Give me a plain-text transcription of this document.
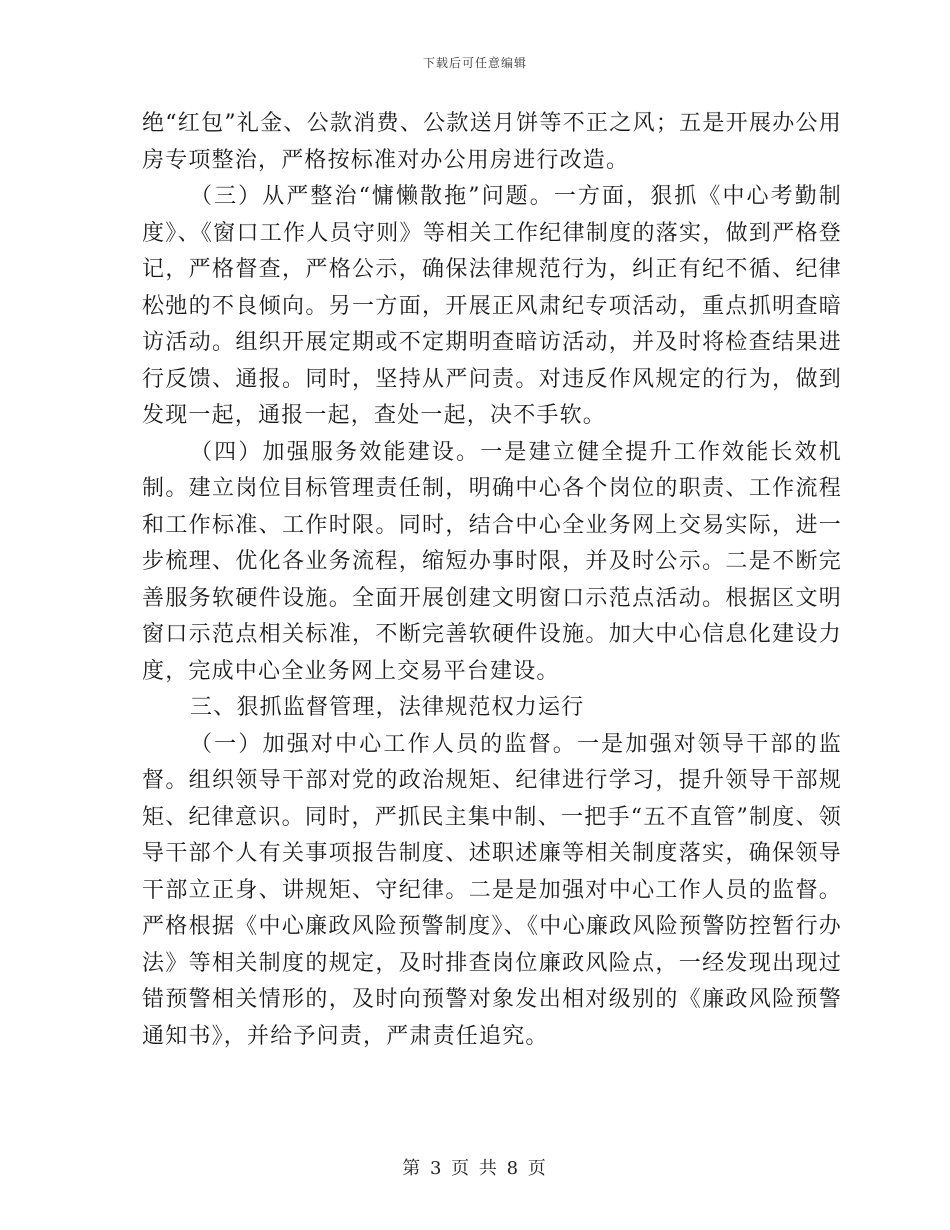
下载后可任意编辑

绝“红包”礼金、公款消费、公款送月饼等不正之风；五是开展办公用房专项整治，严格按标准对办公用房进行改造。

（三）从严整治“慵懒散拖”问题。一方面，狠抓《中心考勤制度》、《窗口工作人员守则》等相关工作纪律制度的落实，做到严格登记，严格督查，严格公示，确保法律规范行为，纠正有纪不循、纪律松弛的不良倾向。另一方面，开展正风肃纪专项活动，重点抓明查暗访活动。组织开展定期或不定期明查暗访活动，并及时将检查结果进行反馈、通报。同时，坚持从严问责。对违反作风规定的行为，做到发现一起，通报一起，查处一起，决不手软。

（四）加强服务效能建设。一是建立健全提升工作效能长效机制。建立岗位目标管理责任制，明确中心各个岗位的职责、工作流程和工作标准、工作时限。同时，结合中心全业务网上交易实际，进一步梳理、优化各业务流程，缩短办事时限，并及时公示。二是不断完善服务软硬件设施。全面开展创建文明窗口示范点活动。根据区文明窗口示范点相关标准，不断完善软硬件设施。加大中心信息化建设力度，完成中心全业务网上交易平台建设。

三、狠抓监督管理，法律规范权力运行

（一）加强对中心工作人员的监督。一是加强对领导干部的监督。组织领导干部对党的政治规矩、纪律进行学习，提升领导干部规矩、纪律意识。同时，严抓民主集中制、一把手“五不直管”制度、领导干部个人有关事项报告制度、述职述廉等相关制度落实，确保领导干部立正身、讲规矩、守纪律。二是是加强对中心工作人员的监督。严格根据《中心廉政风险预警制度》、《中心廉政风险预警防控暂行办法》等相关制度的规定，及时排查岗位廉政风险点，一经发现出现过错预警相关情形的，及时向预警对象发出相对级别的《廉政风险预警通知书》，并给予问责，严肃责任追究。

第 3 页 共 8 页
